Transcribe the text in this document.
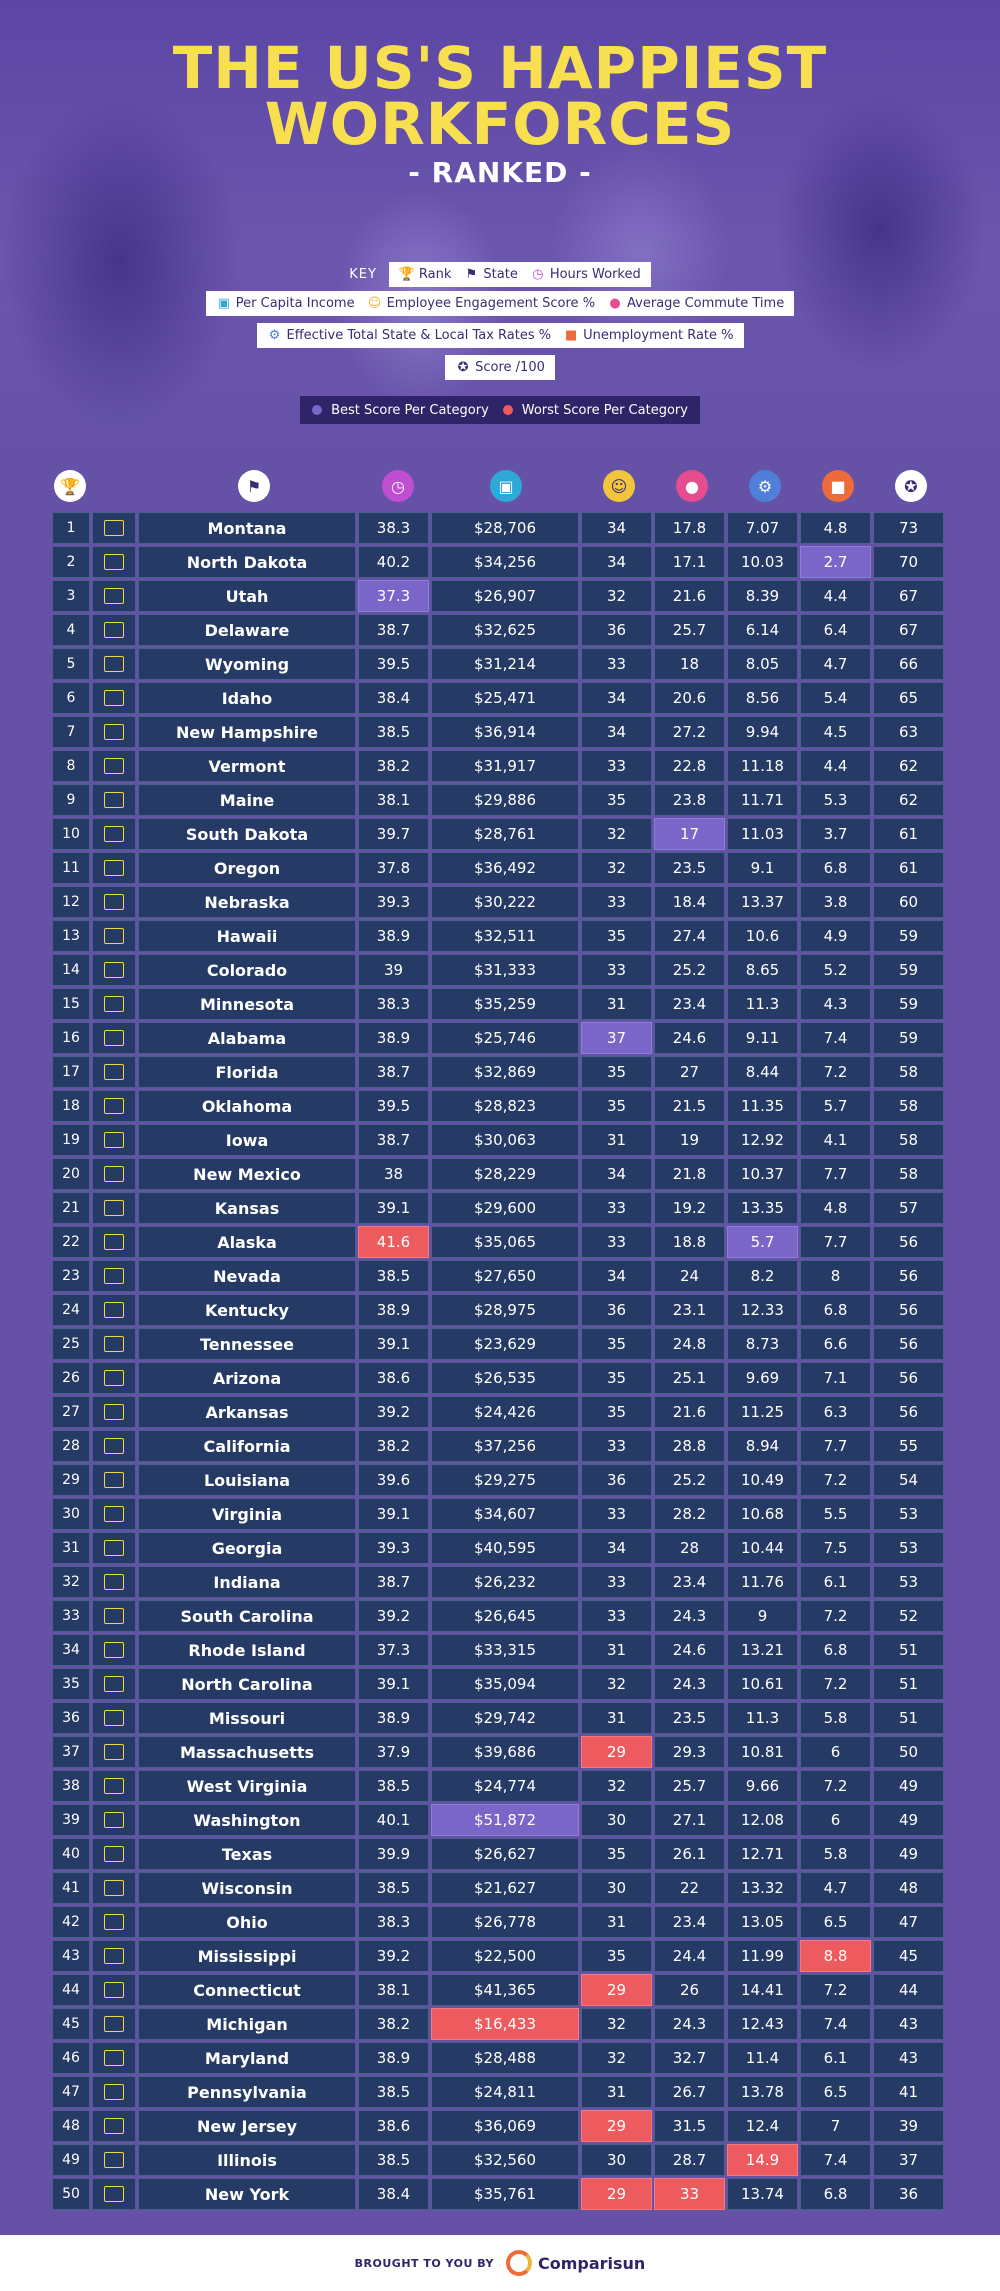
THE US'S HAPPIEST
WORKFORCES
- RANKED -
KEY 🏆 Rank ⚑ State ◷ Hours Worked
▣ Per Capita Income ☺ Employee Engagement Score % ● Average Commute Time
⚙ Effective Total State & Local Tax Rates % ■ Unemployment Rate %
✪ Score /100
Best Score Per Category	Worst Score Per Category
🏆	⚑	◷	▣	☺	●	⚙	■	✪
1	Montana	38.3	$28,706	34	17.8	7.07	4.8	73
2	North Dakota	40.2	$34,256	34	17.1	10.03	2.7	70
3	Utah	37.3	$26,907	32	21.6	8.39	4.4	67
4	Delaware	38.7	$32,625	36	25.7	6.14	6.4	67
5	Wyoming	39.5	$31,214	33	18	8.05	4.7	66
6	Idaho	38.4	$25,471	34	20.6	8.56	5.4	65
7	New Hampshire	38.5	$36,914	34	27.2	9.94	4.5	63
8	Vermont	38.2	$31,917	33	22.8	11.18	4.4	62
9	Maine	38.1	$29,886	35	23.8	11.71	5.3	62
10	South Dakota	39.7	$28,761	32	17	11.03	3.7	61
11	Oregon	37.8	$36,492	32	23.5	9.1	6.8	61
12	Nebraska	39.3	$30,222	33	18.4	13.37	3.8	60
13	Hawaii	38.9	$32,511	35	27.4	10.6	4.9	59
14	Colorado	39	$31,333	33	25.2	8.65	5.2	59
15	Minnesota	38.3	$35,259	31	23.4	11.3	4.3	59
16	Alabama	38.9	$25,746	37	24.6	9.11	7.4	59
17	Florida	38.7	$32,869	35	27	8.44	7.2	58
18	Oklahoma	39.5	$28,823	35	21.5	11.35	5.7	58
19	Iowa	38.7	$30,063	31	19	12.92	4.1	58
20	New Mexico	38	$28,229	34	21.8	10.37	7.7	58
21	Kansas	39.1	$29,600	33	19.2	13.35	4.8	57
22	Alaska	41.6	$35,065	33	18.8	5.7	7.7	56
23	Nevada	38.5	$27,650	34	24	8.2	8	56
24	Kentucky	38.9	$28,975	36	23.1	12.33	6.8	56
25	Tennessee	39.1	$23,629	35	24.8	8.73	6.6	56
26	Arizona	38.6	$26,535	35	25.1	9.69	7.1	56
27	Arkansas	39.2	$24,426	35	21.6	11.25	6.3	56
28	California	38.2	$37,256	33	28.8	8.94	7.7	55
29	Louisiana	39.6	$29,275	36	25.2	10.49	7.2	54
30	Virginia	39.1	$34,607	33	28.2	10.68	5.5	53
31	Georgia	39.3	$40,595	34	28	10.44	7.5	53
32	Indiana	38.7	$26,232	33	23.4	11.76	6.1	53
33	South Carolina	39.2	$26,645	33	24.3	9	7.2	52
34	Rhode Island	37.3	$33,315	31	24.6	13.21	6.8	51
35	North Carolina	39.1	$35,094	32	24.3	10.61	7.2	51
36	Missouri	38.9	$29,742	31	23.5	11.3	5.8	51
37	Massachusetts	37.9	$39,686	29	29.3	10.81	6	50
38	West Virginia	38.5	$24,774	32	25.7	9.66	7.2	49
39	Washington	40.1	$51,872	30	27.1	12.08	6	49
40	Texas	39.9	$26,627	35	26.1	12.71	5.8	49
41	Wisconsin	38.5	$21,627	30	22	13.32	4.7	48
42	Ohio	38.3	$26,778	31	23.4	13.05	6.5	47
43	Mississippi	39.2	$22,500	35	24.4	11.99	8.8	45
44	Connecticut	38.1	$41,365	29	26	14.41	7.2	44
45	Michigan	38.2	$16,433	32	24.3	12.43	7.4	43
46	Maryland	38.9	$28,488	32	32.7	11.4	6.1	43
47	Pennsylvania	38.5	$24,811	31	26.7	13.78	6.5	41
48	New Jersey	38.6	$36,069	29	31.5	12.4	7	39
49	Illinois	38.5	$32,560	30	28.7	14.9	7.4	37
50	New York	38.4	$35,761	29	33	13.74	6.8	36
BROUGHT TO YOU BY	Comparisun
